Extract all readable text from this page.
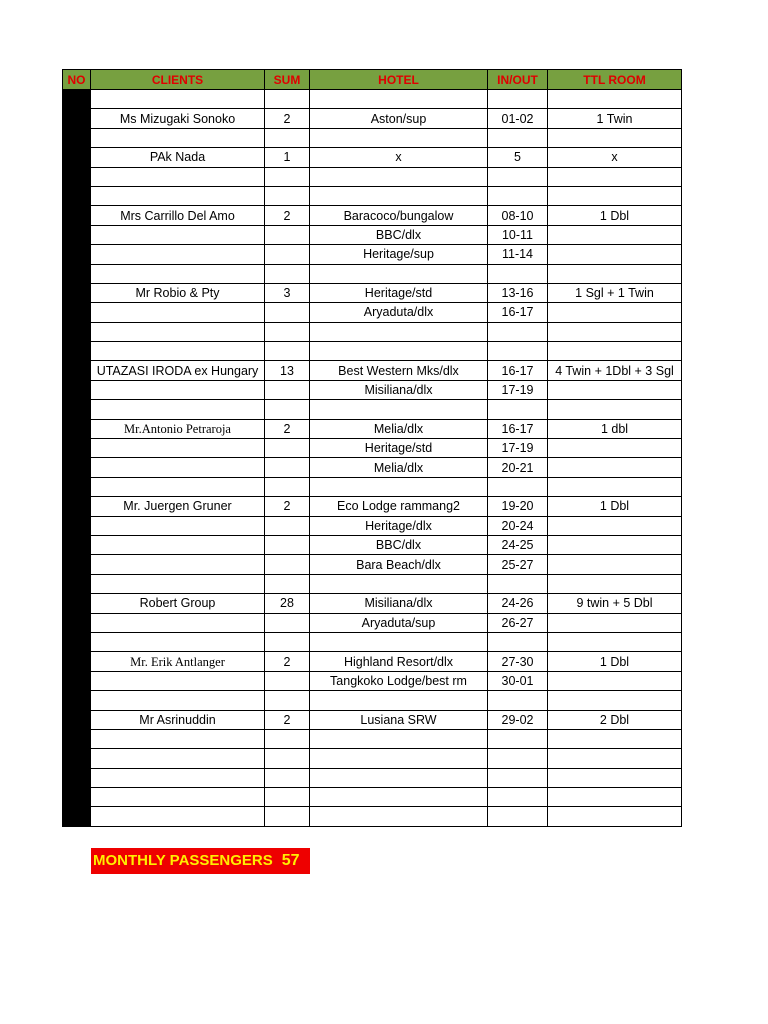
NO	CLIENTS	SUM	HOTEL	IN/OUT	TTL ROOM

	Ms Mizugaki Sonoko	2	Aston/sup	01-02	1 Twin

	PAk Nada	1	x	5	x

	Mrs Carrillo Del Amo	2	Baracoco/bungalow	08-10	1 Dbl
			BBC/dlx	10-11	
			Heritage/sup	11-14	

	Mr Robio & Pty	3	Heritage/std	13-16	1 Sgl + 1 Twin
			Aryaduta/dlx	16-17	

FNL	UTAZASI IRODA ex Hungary	13	Best Western Mks/dlx	16-17	4 Twin + 1Dbl + 3 Sgl
			Misiliana/dlx	17-19	

	Mr.Antonio Petraroja	2	Melia/dlx	16-17	1 dbl
			Heritage/std	17-19	
			Melia/dlx	20-21	

	Mr. Juergen Gruner	2	Eco Lodge rammang2	19-20	1 Dbl
			Heritage/dlx	20-24	
			BBC/dlx	24-25	
			Bara Beach/dlx	25-27	

	Robert Group	28	Misiliana/dlx	24-26	9 twin + 5 Dbl
			Aryaduta/sup	26-27	

	Mr. Erik Antlanger	2	Highland Resort/dlx	27-30	1 Dbl
			Tangkoko Lodge/best rm	30-01	

	Mr Asrinuddin	2	Lusiana SRW	29-02	2 Dbl

MONTHLY PASSENGERS 57
